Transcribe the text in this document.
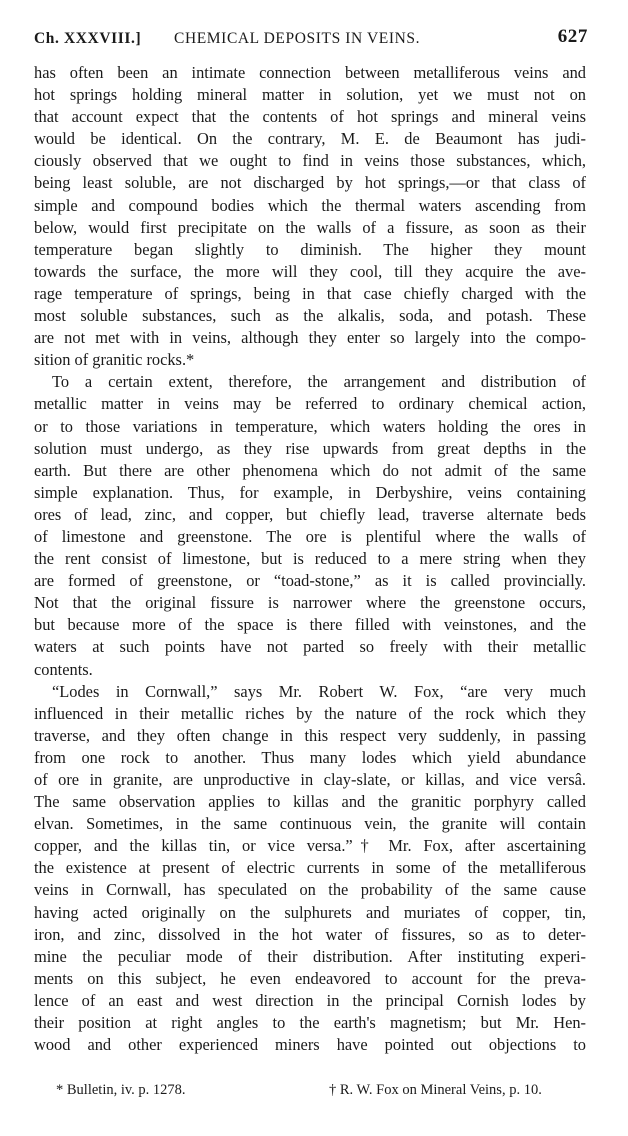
Ch. XXXVIII.] CHEMICAL DEPOSITS IN VEINS.	627
has often been an intimate connection between metalliferous veins and
hot springs holding mineral matter in solution, yet we must not on
that account expect that the contents of hot springs and mineral veins
would be identical. On the contrary, M. E. de Beaumont has judi-
ciously observed that we ought to find in veins those substances, which,
being least soluble, are not discharged by hot springs,—or that class of
simple and compound bodies which the thermal waters ascending from
below, would first precipitate on the walls of a fissure, as soon as their
temperature began slightly to diminish. The higher they mount
towards the surface, the more will they cool, till they acquire the ave-
rage temperature of springs, being in that case chiefly charged with the
most soluble substances, such as the alkalis, soda, and potash. These
are not met with in veins, although they enter so largely into the compo-
sition of granitic rocks.*
To a certain extent, therefore, the arrangement and distribution of
metallic matter in veins may be referred to ordinary chemical action,
or to those variations in temperature, which waters holding the ores in
solution must undergo, as they rise upwards from great depths in the
earth. But there are other phenomena which do not admit of the same
simple explanation. Thus, for example, in Derbyshire, veins containing
ores of lead, zinc, and copper, but chiefly lead, traverse alternate beds
of limestone and greenstone. The ore is plentiful where the walls of
the rent consist of limestone, but is reduced to a mere string when they
are formed of greenstone, or “toad-stone,” as it is called provincially.
Not that the original fissure is narrower where the greenstone occurs,
but because more of the space is there filled with veinstones, and the
waters at such points have not parted so freely with their metallic
contents.
“Lodes in Cornwall,” says Mr. Robert W. Fox, “are very much
influenced in their metallic riches by the nature of the rock which they
traverse, and they often change in this respect very suddenly, in passing
from one rock to another. Thus many lodes which yield abundance
of ore in granite, are unproductive in clay-slate, or killas, and vice versâ.
The same observation applies to killas and the granitic porphyry called
elvan. Sometimes, in the same continuous vein, the granite will contain
copper, and the killas tin, or vice versa.”† Mr. Fox, after ascertaining
the existence at present of electric currents in some of the metalliferous
veins in Cornwall, has speculated on the probability of the same cause
having acted originally on the sulphurets and muriates of copper, tin,
iron, and zinc, dissolved in the hot water of fissures, so as to deter-
mine the peculiar mode of their distribution. After instituting experi-
ments on this subject, he even endeavored to account for the preva-
lence of an east and west direction in the principal Cornish lodes by
their position at right angles to the earth's magnetism; but Mr. Hen-
wood and other experienced miners have pointed out objections to
* Bulletin, iv. p. 1278.	† R. W. Fox on Mineral Veins, p. 10.
